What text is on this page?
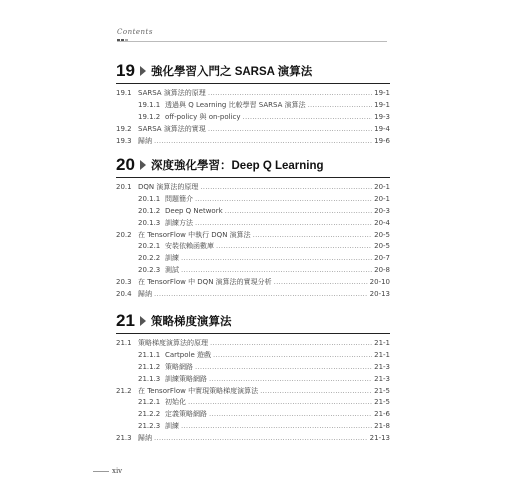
Contents
19	強化學習入門之 SARSA 演算法
19.1 SARSA 演算法的原理 .....	19-1
19.1.1 透過與 Q Learning 比較學習 SARSA 演算法 .....	19-1
19.1.2 off-policy 與 on-policy .....	19-3
19.2 SARSA 演算法的實現 .....	19-4
19.3 歸納 .....	19-6
20	深度強化學習：Deep Q Learning
20.1 DQN 演算法的原理 .....	20-1
20.1.1 問題簡介 .....	20-1
20.1.2 Deep Q Network .....	20-3
20.1.3 訓練方法 .....	20-4
20.2 在 TensorFlow 中執行 DQN 演算法 .....	20-5
20.2.1 安裝依賴函數庫 .....	20-5
20.2.2 訓練 .....	20-7
20.2.3 測試 .....	20-8
20.3 在 TensorFlow 中 DQN 演算法的實現分析 .....	20-10
20.4 歸納 .....	20-13
21	策略梯度演算法
21.1 策略梯度演算法的原理 .....	21-1
21.1.1 Cartpole 遊戲 .....	21-1
21.1.2 策略網路 .....	21-3
21.1.3 訓練策略網路 .....	21-3
21.2 在 TensorFlow 中實現策略梯度演算法 .....	21-5
21.2.1 初始化 .....	21-5
21.2.2 定義策略網路 .....	21-6
21.2.3 訓練 .....	21-8
21.3 歸納 .....	21-13
xiv
